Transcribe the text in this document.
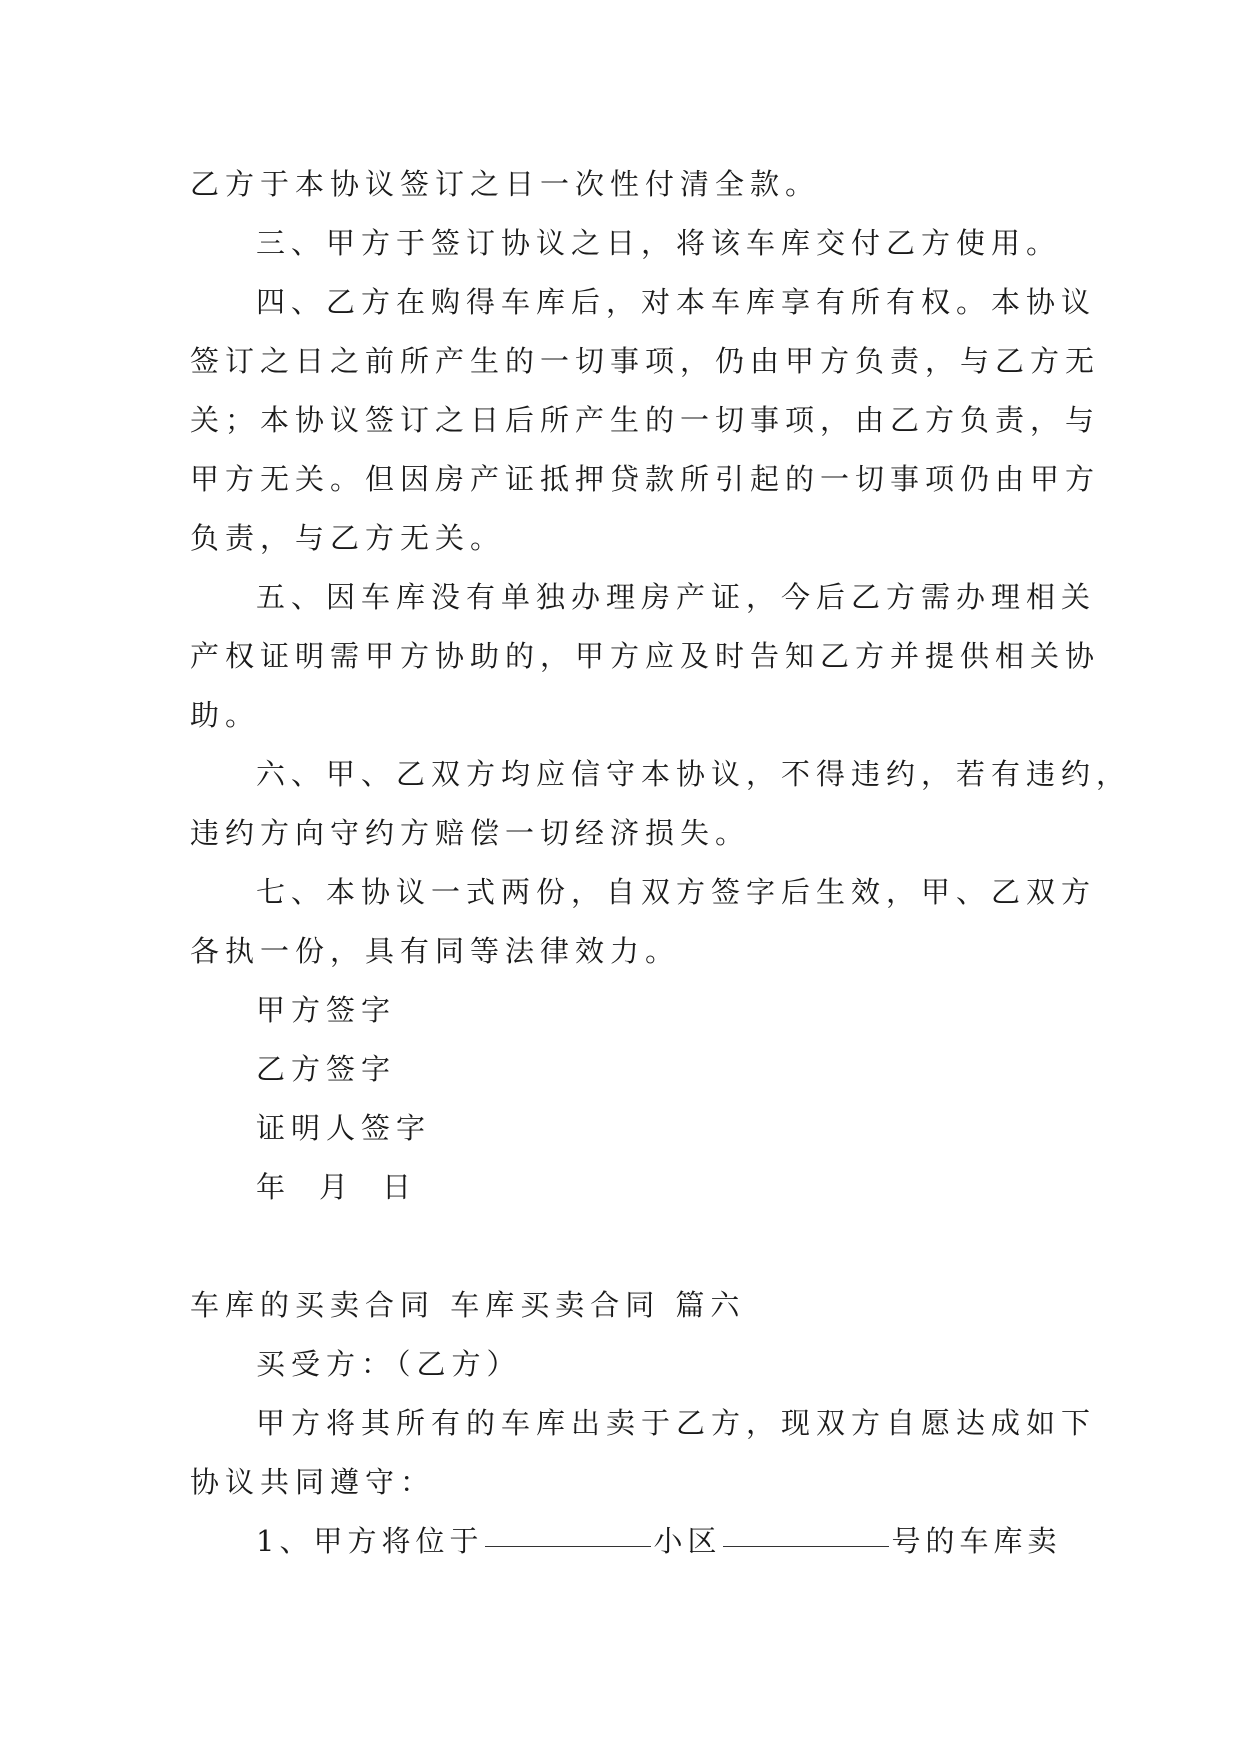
乙方于本协议签订之日一次性付清全款。
三、甲方于签订协议之日，将该车库交付乙方使用。
四、乙方在购得车库后，对本车库享有所有权。本协议
签订之日之前所产生的一切事项，仍由甲方负责，与乙方无
关；本协议签订之日后所产生的一切事项，由乙方负责，与
甲方无关。但因房产证抵押贷款所引起的一切事项仍由甲方
负责，与乙方无关。
五、因车库没有单独办理房产证，今后乙方需办理相关
产权证明需甲方协助的，甲方应及时告知乙方并提供相关协
助。
六、甲、乙双方均应信守本协议，不得违约，若有违约，
违约方向守约方赔偿一切经济损失。
七、本协议一式两份，自双方签字后生效，甲、乙双方
各执一份，具有同等法律效力。
甲方签字
乙方签字
证明人签字
年 月 日
车库的买卖合同 车库买卖合同 篇六
买受方：（乙方）
甲方将其所有的车库出卖于乙方，现双方自愿达成如下
协议共同遵守：
1、甲方将位于	小区	号的车库卖
